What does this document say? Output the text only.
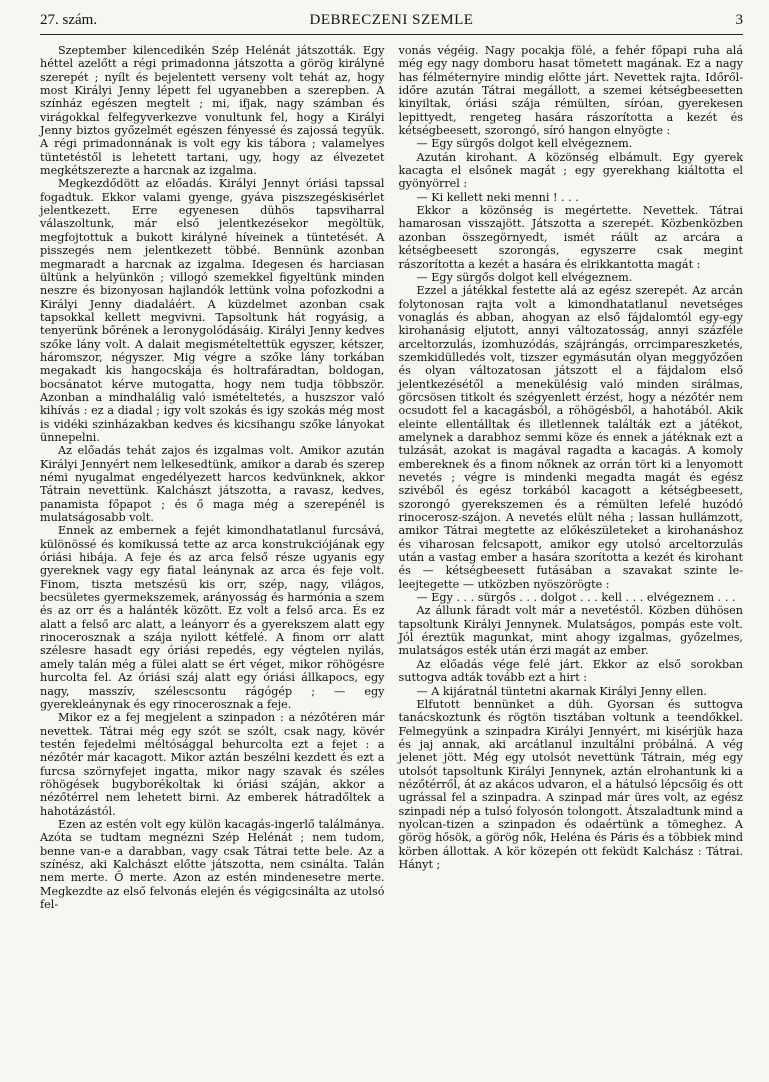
27. szám.	DEBRECZENI SZEMLE	3

Szeptember kilencedikén Szép Helénát játszották. Egy héttel azelőtt a régi primadonna játszotta a görög királyné szerepét ; nyílt és bejelentett verseny volt tehát az, hogy most Királyi Jenny lépett fel ugyanebben a szerepben. A színház egészen megtelt ; mi, ifjak, nagy számban és virágokkal felfegyverkezve vonultunk fel, hogy a Királyi Jenny biztos győzelmét egészen fényessé és zajossá tegyük. A régi primadonnának is volt egy kis tábora ; valamelyes tüntetéstől is lehetett tartani, ugy, hogy az élvezetet megkétszerezte a harcnak az izgalma.

Megkezdődött az előadás. Királyi Jennyt óriási tapssal fogadtuk. Ekkor valami gyenge, gyáva piszszegéskisérlet jelentkezett. Erre egyenesen dühös tapsviharral válaszoltunk, már első jelentkezésekor megöltük, megfojtottuk a bukott királyné híveinek a tüntetését. A pisszegés nem jelentkezett többé. Bennünk azonban megmaradt a harcnak az izgalma. Idegesen és harciasan ültünk a helyünkön ; villogó szemekkel figyeltünk minden neszre és bizonyosan hajlandók lettünk volna pofozkodni a Királyi Jenny diadaláért. A küzdelmet azonban csak tapsokkal kellett megvivni. Tapsoltunk hát rogyásig, a tenyerünk bőrének a leronygolódásáig. Királyi Jenny kedves szőke lány volt. A dalait megismételtettük egyszer, kétszer, háromszor, négyszer. Mig végre a szőke lány torkában megakadt kis hangocskája és holtrafáradtan, boldogan, bocsánatot kérve mutogatta, hogy nem tudja többször. Azonban a mindhalálig való ismételtetés, a huszszor való kihívás : ez a diadal ; igy volt szokás és igy szokás még most is vidéki szinházakban kedves és kicsihangu szőke lányokat ünnepelni.

Az előadás tehát zajos és izgalmas volt. Amikor azután Királyi Jennyért nem lelkesedtünk, amikor a darab és szerep némi nyugalmat engedélyezett harcos kedvünknek, akkor Tátrain nevettünk. Kalchászt játszotta, a ravasz, kedves, panamista főpapot ; és ő maga még a szerepénél is mulatságosabb volt.

Ennek az embernek a fejét kimondhatatlanul furcsává, különössé és komikussá tette az arca konstrukciójának egy óriási hibája. A feje és az arca felső része ugyanis egy gyereknek vagy egy fiatal leánynak az arca és feje volt. Finom, tiszta metszésü kis orr, szép, nagy, világos, becsületes gyermekszemek, arányosság és harmónia a szem és az orr és a halánték között. Ez volt a felső arca. És ez alatt a felső arc alatt, a leányorr és a gyerekszem alatt egy rinocerosznak a szája nyilott kétfelé. A finom orr alatt szélesre hasadt egy óriási repedés, egy végtelen nyilás, amely talán még a fülei alatt se ért véget, mikor röhögésre hurcolta fel. Az óriási száj alatt egy óriási állkapocs, egy nagy, masszív, szélescsontu rágógép ; — egy gyerekleánynak és egy rinocerosznak a feje.

Mikor ez a fej megjelent a szinpadon : a nézőtéren már nevettek. Tátrai még egy szót se szólt, csak nagy, kövér testén fejedelmi méltósággal behurcolta ezt a fejet : a nézőtér már kacagott. Mikor aztán beszélni kezdett és ezt a furcsa szörnyfejet ingatta, mikor nagy szavak és széles röhögések bugyborékoltak ki óriási száján, akkor a nézőtérrel nem lehetett birni. Az emberek hátradőltek a hahotázástól.

Ezen az estén volt egy külön kacagás-ingerlő találmánya. Azóta se tudtam megnézni Szép Helénát ; nem tudom, benne van-e a darabban, vagy csak Tátrai tette bele. Az a színész, aki Kalchászt előtte játszotta, nem csinálta. Talán nem merte. Ő merte. Azon az estén mindenesetre merte. Megkezdte az első felvonás elején és végigcsinálta az utolsó fel-

vonás végéig. Nagy pocakja fölé, a fehér főpapi ruha alá még egy nagy domboru hasat tömetett magának. Ez a nagy has félméternyire mindig előtte járt. Nevettek rajta. Időről-időre azután Tátrai megállott, a szemei kétségbeesetten kinyiltak, óriási szája rémülten, síróan, gyerekesen lepittyedt, rengeteg hasára rászorította a kezét és kétségbeesett, szorongó, síró hangon elnyögte :

— Egy sürgős dolgot kell elvégeznem.

Azután kirohant. A közönség elbámult. Egy gyerek kacagta el elsőnek magát ; egy gyerekhang kiáltotta el gyönyörrel :

— Ki kellett neki menni ! . . .

Ekkor a közönség is megértette. Nevettek. Tátrai hamarosan visszajött. Játszotta a szerepét. Közbenközben azonban összegörnyedt, ismét ráült az arcára a kétségbeesett szorongás, egyszerre csak megint rászorította a kezét a hasára és elrikkantotta magát :

— Egy sürgős dolgot kell elvégeznem.

Ezzel a játékkal festette alá az egész szerepét. Az arcán folytonosan rajta volt a kimondhatatlanul nevetséges vonaglás és abban, ahogyan az első fájdalomtól egy-egy kirohanásig eljutott, annyi változatosság, annyi százféle arceltorzulás, izomhuzódás, szájrángás, orrcimpareszketés, szemkidülledés volt, tizszer egymásután olyan meggyőzően és olyan változatosan játszott el a fájdalom első jelentkezésétől a menekülésig való minden sirálmas, görcsösen titkolt és szégyenlett érzést, hogy a nézőtér nem ocsudott fel a kacagásból, a röhögésből, a hahotából. Akik eleinte ellentálltak és illetlennek találták ezt a játékot, amelynek a darabhoz semmi köze és ennek a játéknak ezt a tulzását, azokat is magával ragadta a kacagás. A komoly embereknek és a finom nőknek az orrán tört ki a lenyomott nevetés ; végre is mindenki megadta magát és egész szivéből és egész torkából kacagott a kétségbeesett, szorongó gyerekszemen és a rémülten lefelé huzódó rinocerosz-szájon. A nevetés elült néha ; lassan hullámzott, amikor Tátrai megtette az előkészületeket a kirohanáshoz és viharosan felcsapott, amikor egy utolsó arceltorzulás után a vastag ember a hasára szorította a kezét és kirohant és — kétségbeesett futásában a szavakat szinte le-leejtegette — utközben nyöszörögte :

— Egy . . . sürgős . . . dolgot . . . kell . . . elvégeznem . . .

Az állunk fáradt volt már a nevetéstől. Közben dühösen tapsoltunk Királyi Jennynek. Mulatságos, pompás este volt. Jól éreztük magunkat, mint ahogy izgalmas, győzelmes, mulatságos esték után érzi magát az ember.

Az előadás vége felé járt. Ekkor az első sorokban suttogva adták tovább ezt a hirt :

— A kijáratnál tüntetni akarnak Királyi Jenny ellen.

Elfutott bennünket a düh. Gyorsan és suttogva tanácskoztunk és rögtön tisztában voltunk a teendőkkel. Felmegyünk a szinpadra Királyi Jennyért, mi kisérjük haza és jaj annak, aki arcátlanul inzultálni próbálná. A vég jelenet jött. Még egy utolsót nevettünk Tátrain, még egy utolsót tapsoltunk Királyi Jennynek, aztán elrohantunk ki a nézőtérről, át az akácos udvaron, el a hátulsó lépcsőig és ott ugrással fel a szinpadra. A szinpad már üres volt, az egész szinpadi nép a tulsó folyosón tolongott. Átszaladtunk mind a nyolcan-tizen a szinpadon és odaértünk a tömeghez. A görög hősök, a görög nők, Heléna és Páris és a többiek mind körben állottak. A kör közepén ott feküdt Kalchász : Tátrai. Hányt ;
